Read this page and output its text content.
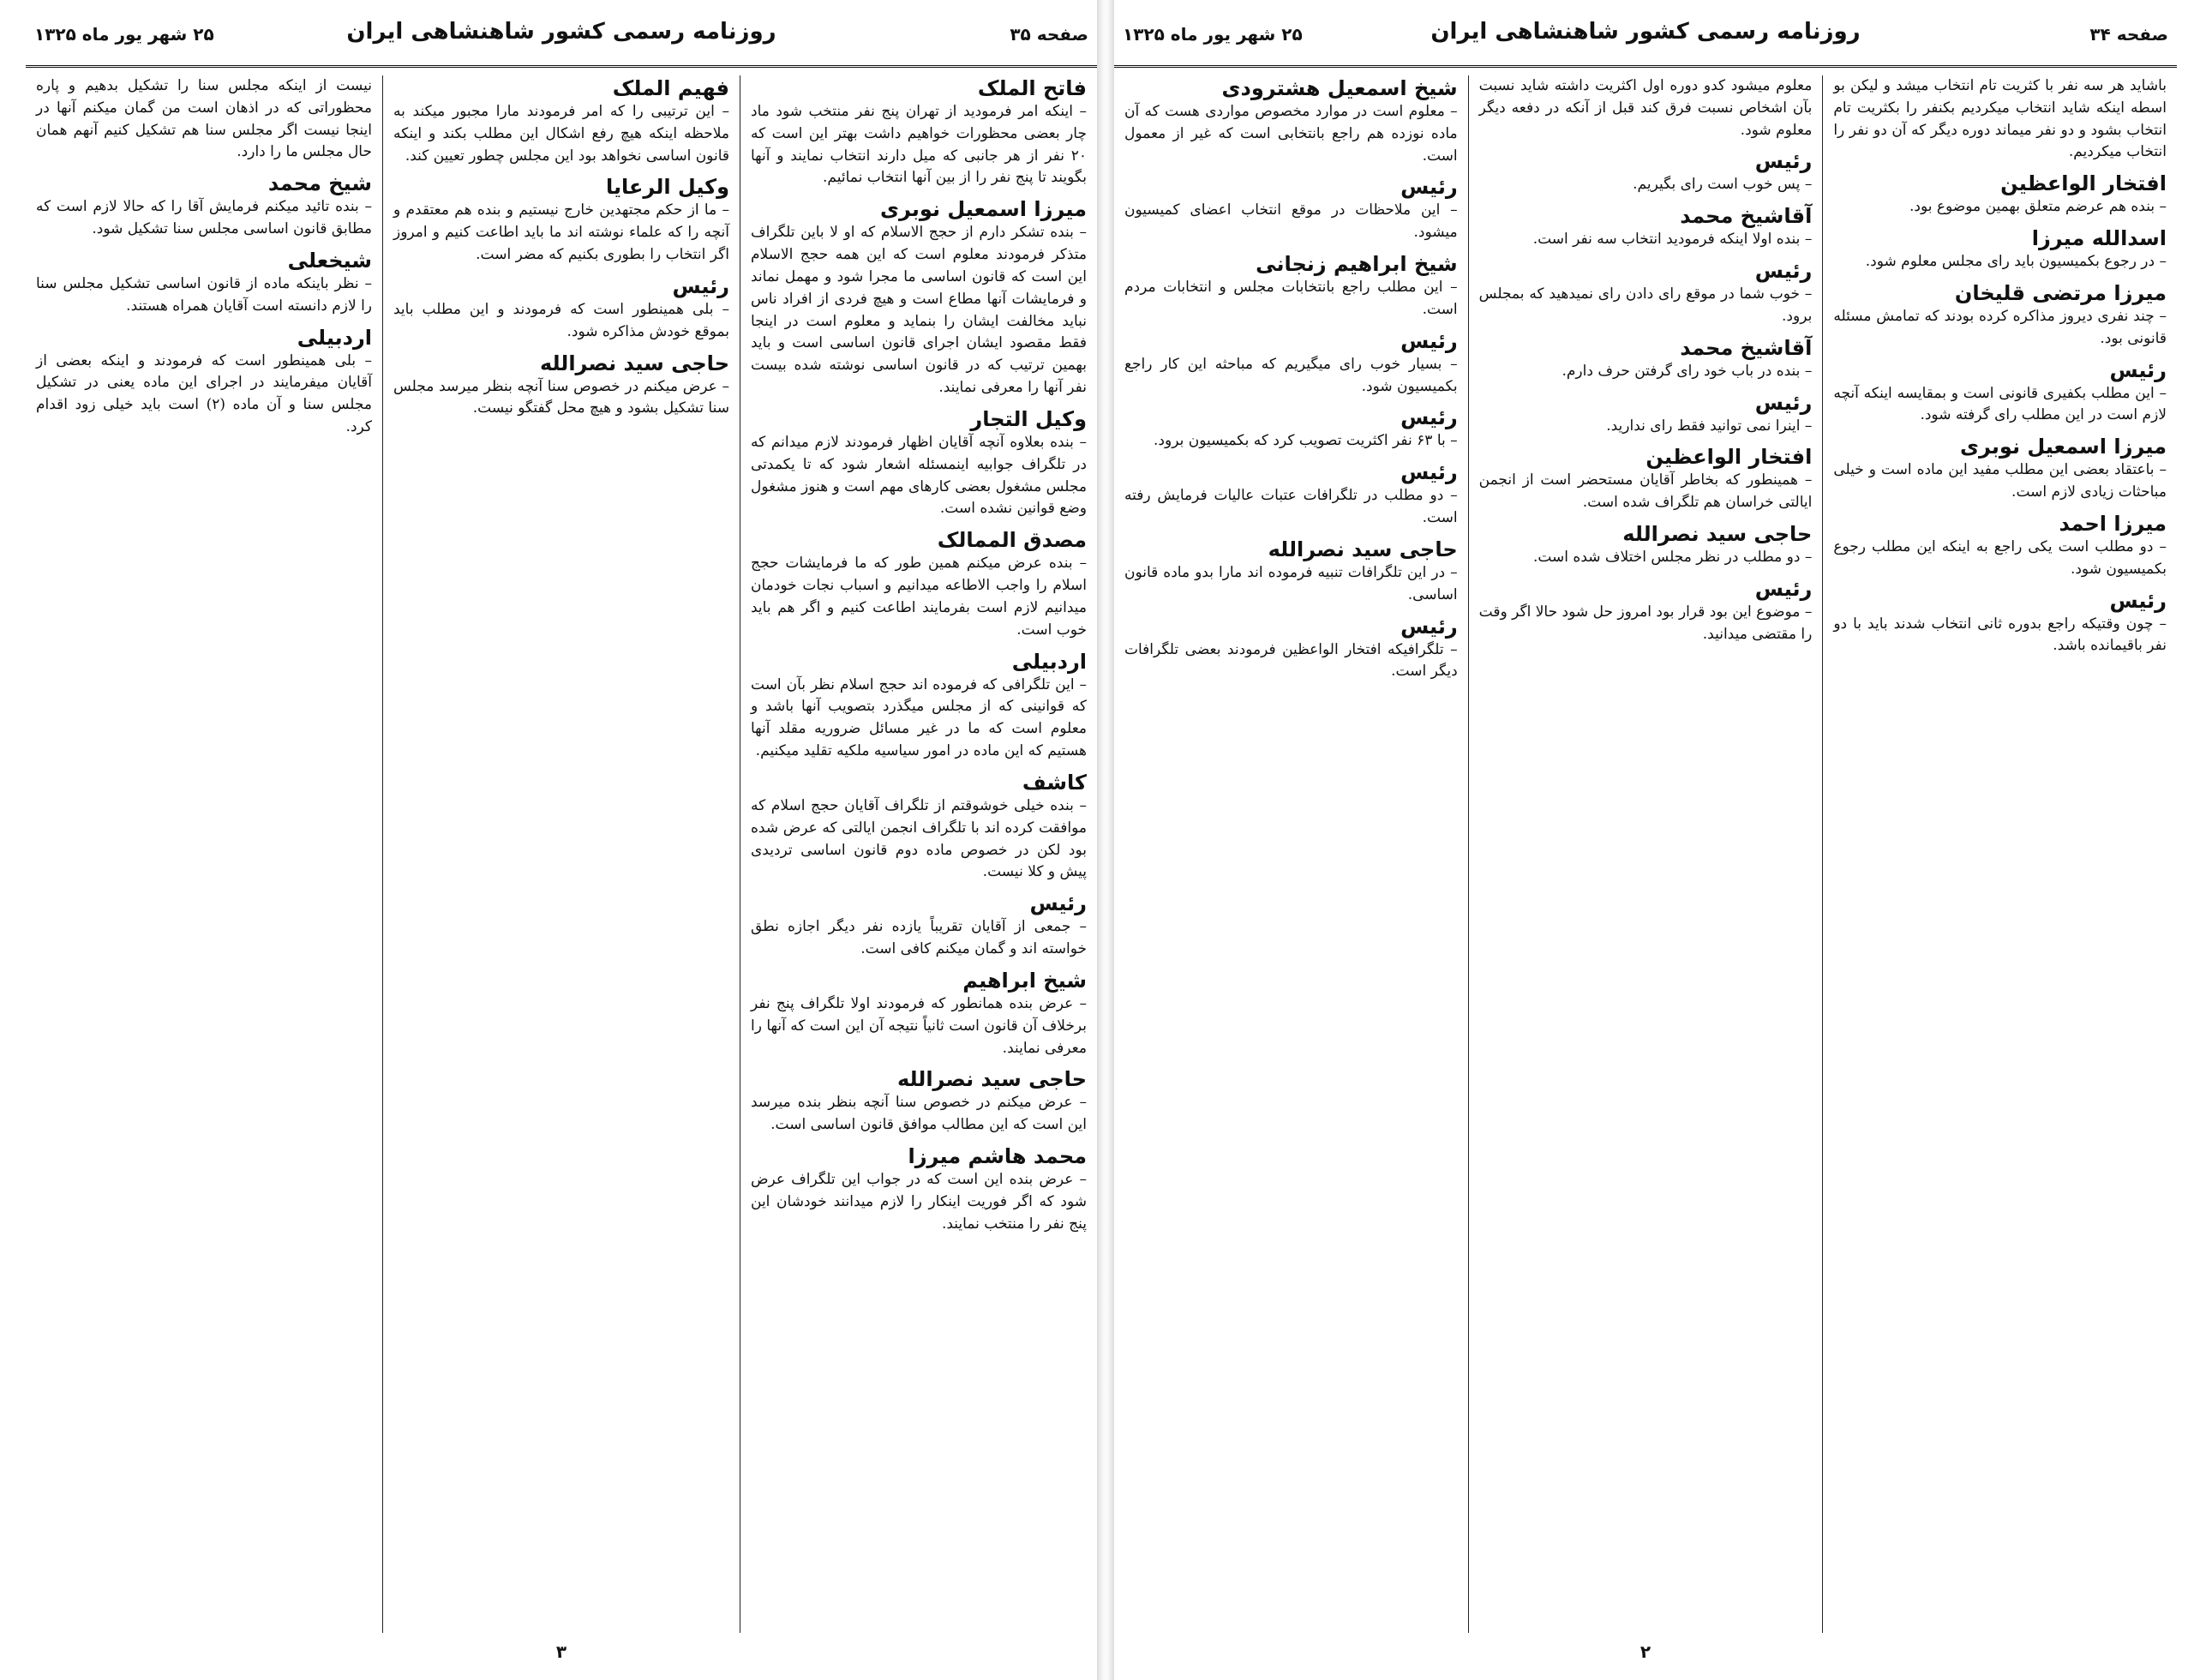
صفحه ۳۵
روزنامه رسمی کشور شاهنشاهی ایران
۲۵ شهر یور ماه ۱۳۲۵

فاتح الملک

– اینکه امر فرمودید از تهران پنج نفر منتخب شود ماد چار بعضی محظورات خواهیم داشت بهتر این است که ۲۰ نفر از هر جانبی که میل دارند انتخاب نمایند و آنها بگویند تا پنج نفر را از بین آنها انتخاب نمائیم.

میرزا اسمعیل نوبری

– بنده تشکر دارم از حجج الاسلام که او لا باین تلگراف متذکر فرمودند معلوم است که این همه حجج الاسلام این است که قانون اساسی ما مجرا شود و مهمل نماند و فرمایشات آنها مطاع است و هیچ فردی از افراد ناس نباید مخالفت ایشان را بنماید و معلوم است در اینجا فقط مقصود ایشان اجرای قانون اساسی است و باید بهمین ترتیب که در قانون اساسی نوشته شده بیست نفر آنها را معرفی نمایند.

وکیل التجار

– بنده بعلاوه آنچه آقایان اظهار فرمودند لازم میدانم که در تلگراف جوابیه اینمسئله اشعار شود که تا یکمدتی مجلس مشغول بعضی کارهای مهم است و هنوز مشغول وضع قوانین نشده است.

مصدق الممالک

– بنده عرض میکنم همین طور که ما فرمایشات حجج اسلام را واجب الاطاعه میدانیم و اسباب نجات خودمان میدانیم لازم است بفرمایند اطاعت کنیم و اگر هم باید خوب است.

اردبیلی

– این تلگرافی که فرموده اند حجج اسلام نظر بآن است که قوانینی که از مجلس میگذرد بتصویب آنها باشد و معلوم است که ما در غیر مسائل ضروریه مقلد آنها هستیم که این ماده در امور سیاسیه ملکیه تقلید میکنیم.

کاشف

– بنده خیلی خوشوقتم از تلگراف آقایان حجج اسلام که موافقت کرده اند با تلگراف انجمن ایالتی که عرض شده بود لکن در خصوص ماده دوم قانون اساسی تردیدی پیش و کلا نیست.

رئیس

– جمعی از آقایان تقریباً یازده نفر دیگر اجازه نطق خواسته اند و گمان میکنم کافی است.

شیخ ابراهیم

– عرض بنده همانطور که فرمودند اولا تلگراف پنج نفر برخلاف آن قانون است ثانیاً نتیجه آن این است که آنها را معرفی نمایند.

حاجی سید نصرالله

– عرض میکنم در خصوص سنا آنچه بنظر بنده میرسد این است که این مطالب موافق قانون اساسی است.

محمد هاشم میرزا

– عرض بنده این است که در جواب این تلگراف عرض شود که اگر فوریت اینکار را لازم میدانند خودشان این پنج نفر را منتخب نمایند.

فهیم الملک

– این ترتیبی را که امر فرمودند مارا مجبور میکند به ملاحظه اینکه هیچ رفع اشکال این مطلب بکند و اینکه قانون اساسی نخواهد بود این مجلس چطور تعیین کند.

وکیل الرعایا

– ما از حکم مجتهدین خارج نیستیم و بنده هم معتقدم و آنچه را که علماء نوشته اند ما باید اطاعت کنیم و امروز اگر انتخاب را بطوری بکنیم که مضر است.

رئیس

– بلی همینطور است که فرمودند و این مطلب باید بموقع خودش مذاکره شود.

حاجی سید نصرالله

– عرض میکنم در خصوص سنا آنچه بنظر میرسد مجلس سنا تشکیل بشود و هیچ محل گفتگو نیست.

نیست از اینکه مجلس سنا را تشکیل بدهیم و پاره محظوراتی که در اذهان است من گمان میکنم آنها در اینجا نیست اگر مجلس سنا هم تشکیل کنیم آنهم همان حال مجلس ما را دارد.

شیخ محمد

– بنده تائید میکنم فرمایش آقا را که حالا لازم است که مطابق قانون اساسی مجلس سنا تشکیل شود.

شیخعلی

– نظر باینکه ماده از قانون اساسی تشکیل مجلس سنا را لازم دانسته است آقایان همراه هستند.

اردبیلی

– بلی همینطور است که فرمودند و اینکه بعضی از آقایان میفرمایند در اجرای این ماده یعنی در تشکیل مجلس سنا و آن ماده (۲) است باید خیلی زود اقدام کرد.

۳
صفحه ۳۴
روزنامه رسمی کشور شاهنشاهی ایران
۲۵ شهر یور ماه ۱۳۲۵

باشاید هر سه نفر با کثریت تام انتخاب میشد و لیکن بو اسطه اینکه شاید انتخاب میکردیم بکنفر را بکثریت تام انتخاب بشود و دو نفر میماند دوره دیگر که آن دو نفر را انتخاب میکردیم.

افتخار الواعظین

– بنده هم عرضم متعلق بهمین موضوع بود.

اسدالله میرزا

– در رجوع بکمیسیون باید رای مجلس معلوم شود.

میرزا مرتضی قلیخان

– چند نفری دیروز مذاکره کرده بودند که تمامش مسئله قانونی بود.

رئیس

– این مطلب بکفیری قانونی است و بمقایسه اینکه آنچه لازم است در این مطلب رای گرفته شود.

میرزا اسمعیل نوبری

– باعتقاد بعضی این مطلب مفید این ماده است و خیلی مباحثات زیادی لازم است.

میرزا احمد

– دو مطلب است یکی راجع به اینکه این مطلب رجوع بکمیسیون شود.

رئیس

– چون وقتیکه راجع بدوره ثانی انتخاب شدند باید با دو نفر باقیمانده باشد.

معلوم میشود کدو دوره اول اکثریت داشته شاید نسبت بآن اشخاص نسبت فرق کند قبل از آنکه در دفعه دیگر معلوم شود.

رئیس

– پس خوب است رای بگیریم.

آقاشیخ محمد

– بنده اولا اینکه فرمودید انتخاب سه نفر است.

رئیس

– خوب شما در موقع رای دادن رای نمیدهید که بمجلس برود.

آقاشیخ محمد

– بنده در باب خود رای گرفتن حرف دارم.

رئیس

– اینرا نمی توانید فقط رای ندارید.

افتخار الواعظین

– همینطور که بخاطر آقایان مستحضر است از انجمن ایالتی خراسان هم تلگراف شده است.

حاجی سید نصرالله

– دو مطلب در نظر مجلس اختلاف شده است.

رئیس

– موضوع این بود قرار بود امروز حل شود حالا اگر وقت را مقتضی میدانید.

شیخ اسمعیل هشترودی

– معلوم است در موارد مخصوص مواردی هست که آن ماده نوزده هم راجع بانتخابی است که غیر از معمول است.

رئیس

– این ملاحظات در موقع انتخاب اعضای کمیسیون میشود.

شیخ ابراهیم زنجانی

– این مطلب راجع بانتخابات مجلس و انتخابات مردم است.

رئیس

– بسیار خوب رای میگیریم که مباحثه این کار راجع بکمیسیون شود.

رئیس

– با ۶۳ نفر اکثریت تصویب کرد که بکمیسیون برود.

رئیس

– دو مطلب در تلگرافات عتبات عالیات فرمایش رفته است.

حاجی سید نصرالله

– در این تلگرافات تنبیه فرموده اند مارا بدو ماده قانون اساسی.

رئیس

– تلگرافیکه افتخار الواعظین فرمودند بعضی تلگرافات دیگر است.

۲
